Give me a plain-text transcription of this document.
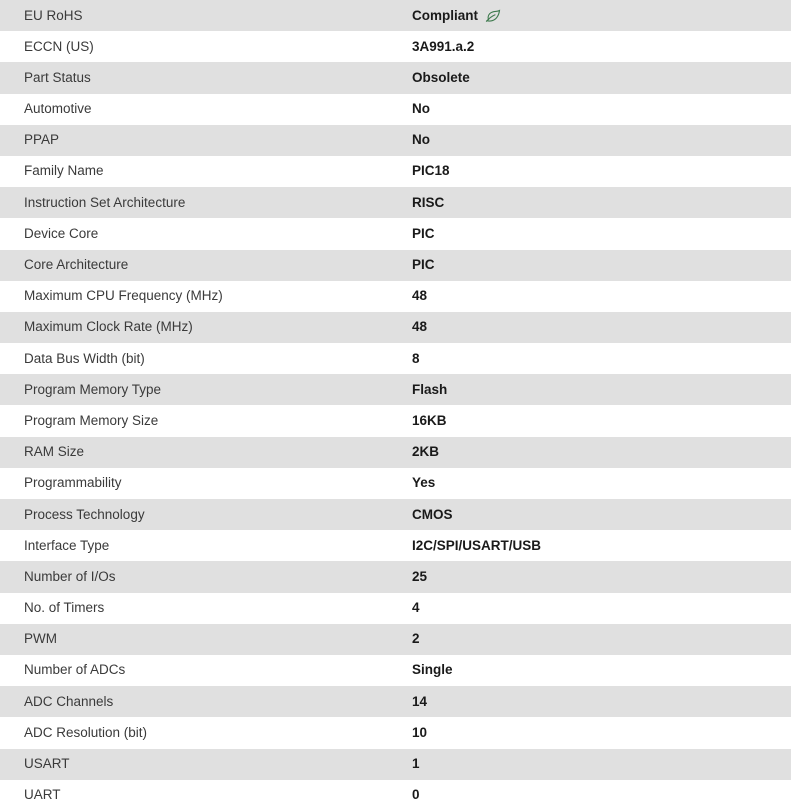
EU RoHS	Compliant

ECCN (US)	3A991.a.2

Part Status	Obsolete

Automotive	No

PPAP	No

Family Name	PIC18

Instruction Set Architecture	RISC

Device Core	PIC

Core Architecture	PIC

Maximum CPU Frequency (MHz)	48

Maximum Clock Rate (MHz)	48

Data Bus Width (bit)	8

Program Memory Type	Flash

Program Memory Size	16KB

RAM Size	2KB

Programmability	Yes

Process Technology	CMOS

Interface Type	I2C/SPI/USART/USB

Number of I/Os	25

No. of Timers	4

PWM	2

Number of ADCs	Single

ADC Channels	14

ADC Resolution (bit)	10

USART	1

UART	0
